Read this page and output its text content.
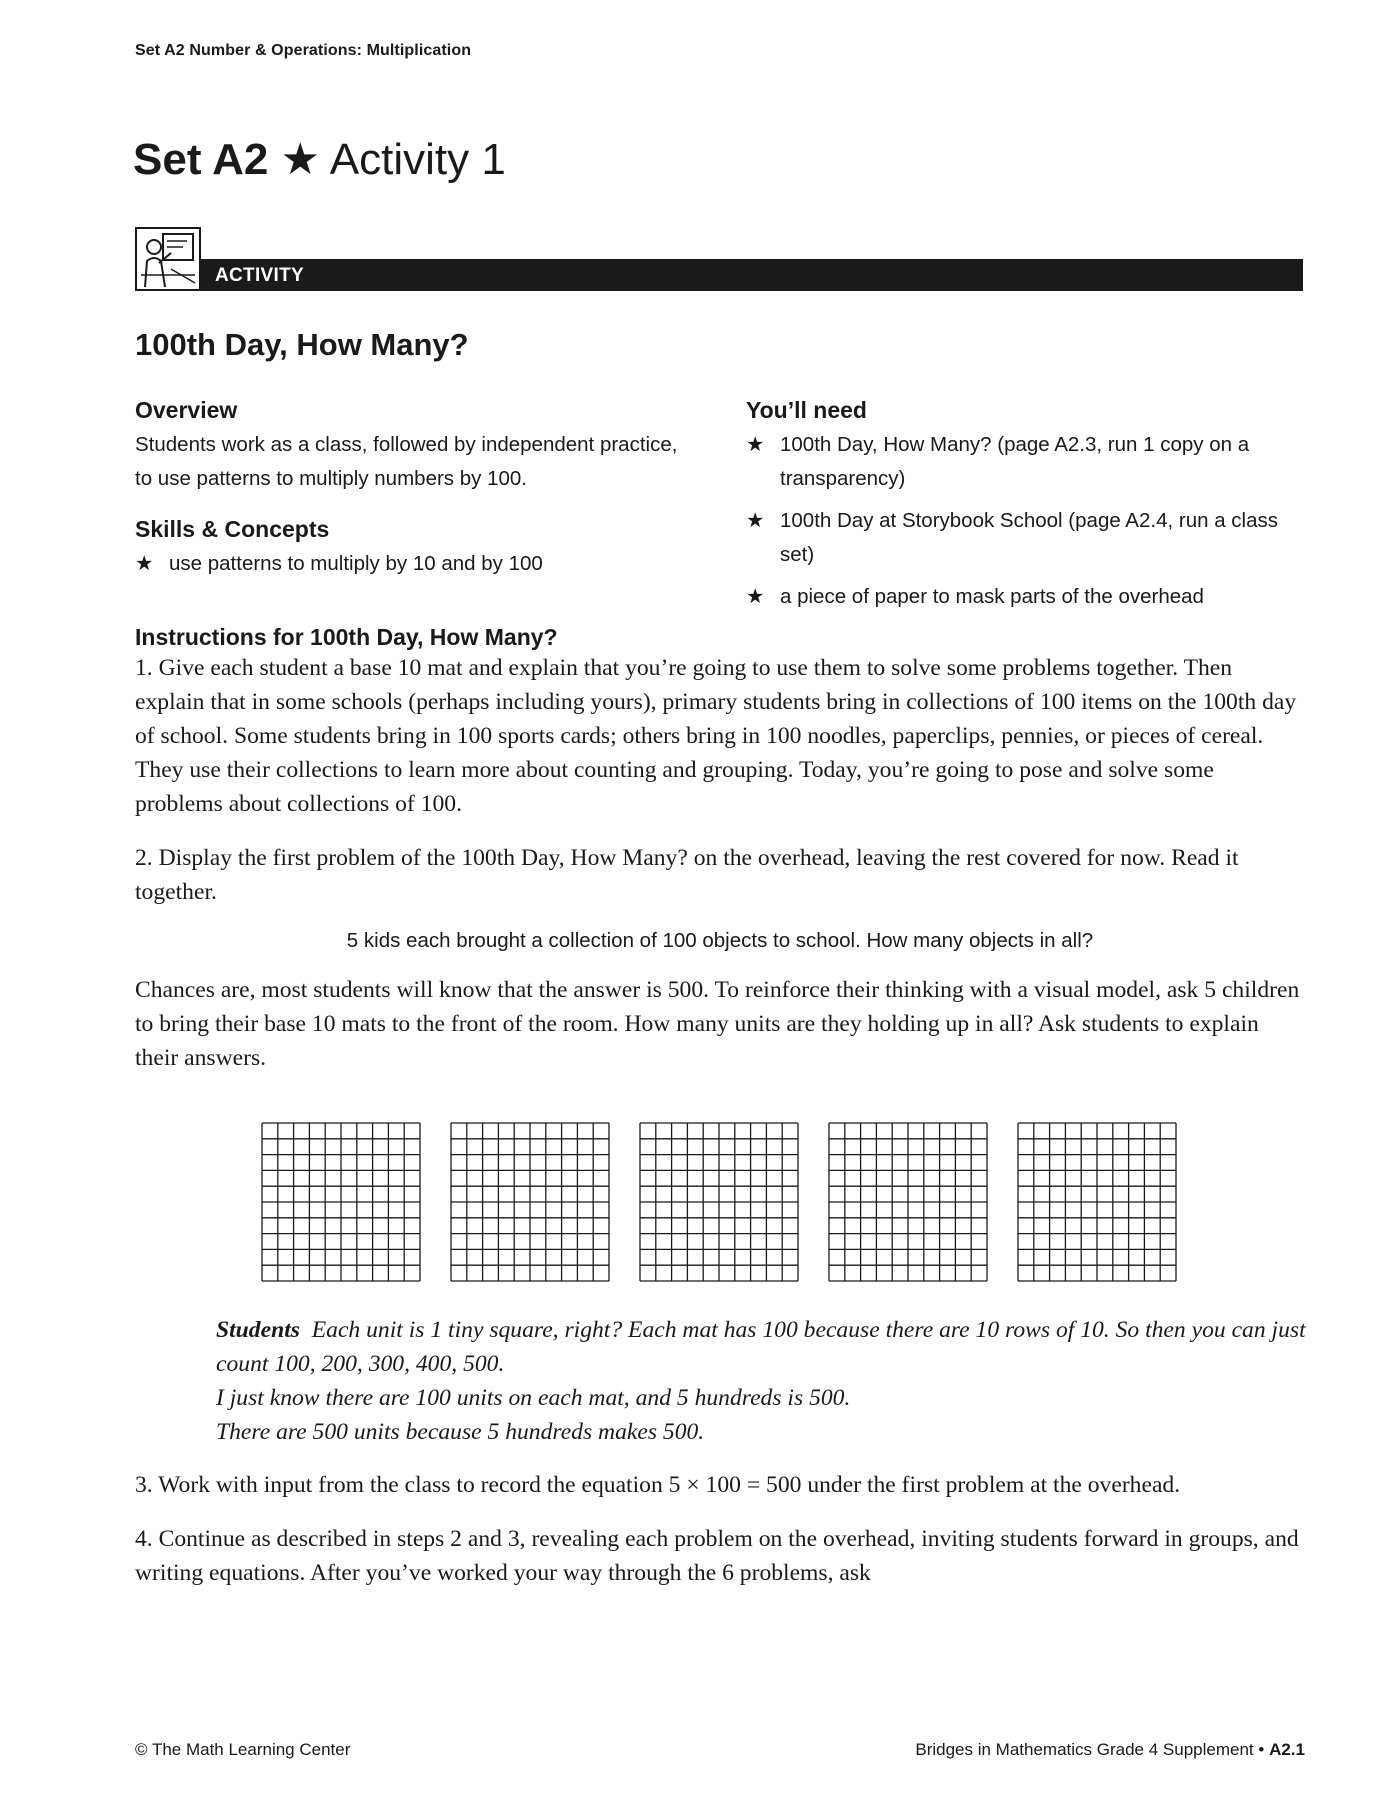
Set A2 Number & Operations: Multiplication
Set A2 ★ Activity 1
ACTIVITY
100th Day, How Many?
Overview
Students work as a class, followed by independent practice, to use patterns to multiply numbers by 100.
Skills & Concepts
★ use patterns to multiply by 10 and by 100
You’ll need
★ 100th Day, How Many? (page A2.3, run 1 copy on a transparency)
★ 100th Day at Storybook School (page A2.4, run a class set)
★ a piece of paper to mask parts of the overhead
Instructions for 100th Day, How Many?

1. Give each student a base 10 mat and explain that you’re going to use them to solve some problems together. Then explain that in some schools (perhaps including yours), primary students bring in collections of 100 items on the 100th day of school. Some students bring in 100 sports cards; others bring in 100 noodles, paperclips, pennies, or pieces of cereal. They use their collections to learn more about counting and grouping. Today, you’re going to pose and solve some problems about collections of 100.

2. Display the first problem of the 100th Day, How Many? on the overhead, leaving the rest covered for now. Read it together.

5 kids each brought a collection of 100 objects to school. How many objects in all?

Chances are, most students will know that the answer is 500. To reinforce their thinking with a visual model, ask 5 children to bring their base 10 mats to the front of the room. How many units are they holding up in all? Ask students to explain their answers.

Students Each unit is 1 tiny square, right? Each mat has 100 because there are 10 rows of 10. So then you can just count 100, 200, 300, 400, 500.
I just know there are 100 units on each mat, and 5 hundreds is 500.
There are 500 units because 5 hundreds makes 500.

3. Work with input from the class to record the equation 5 × 100 = 500 under the first problem at the overhead.

4. Continue as described in steps 2 and 3, revealing each problem on the overhead, inviting students forward in groups, and writing equations. After you’ve worked your way through the 6 problems, ask

© The Math Learning Center	Bridges in Mathematics Grade 4 Supplement • A2.1
